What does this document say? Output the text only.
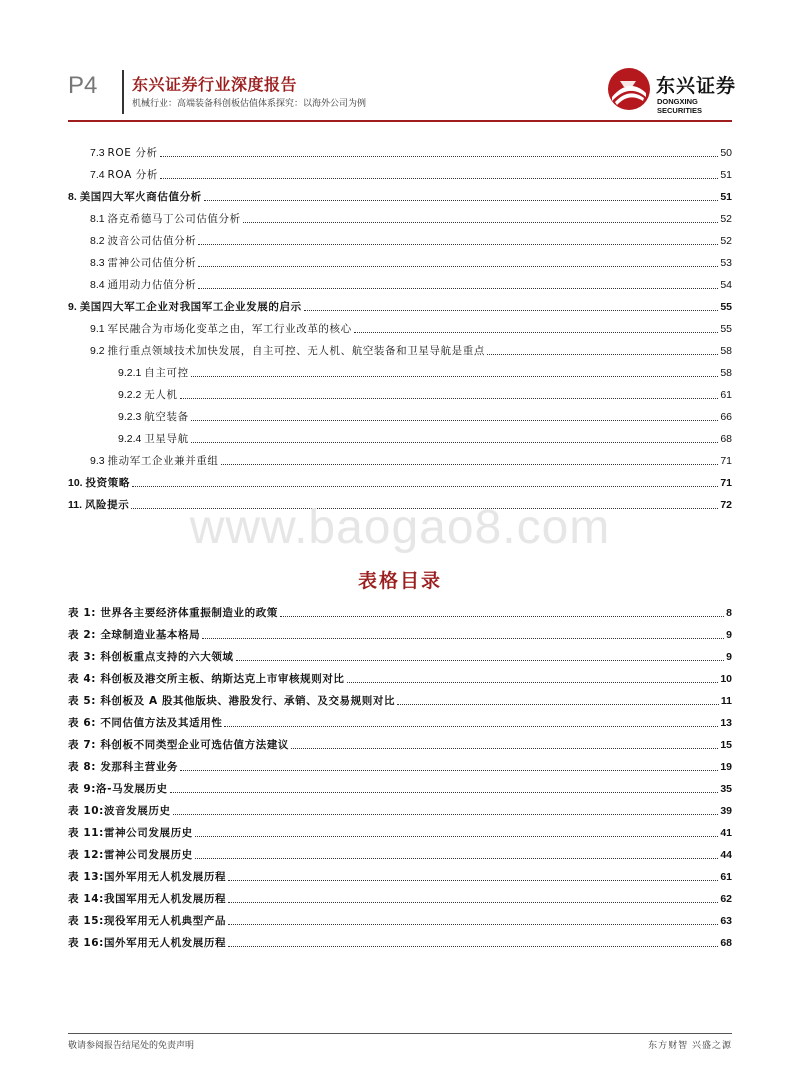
P4 东兴证券行业深度报告
机械行业：高端装备科创板估值体系探究：以海外公司为例
东兴证券
DONGXING SECURITIES
7.3 ROE 分析	50
7.4 ROA 分析	51
8. 美国四大军火商估值分析	51
8.1 洛克希德马丁公司估值分析	52
8.2 波音公司估值分析	52
8.3 雷神公司估值分析	53
8.4 通用动力估值分析	54
9. 美国四大军工企业对我国军工企业发展的启示	55
9.1 军民融合为市场化变革之由，军工行业改革的核心	55
9.2 推行重点领域技术加快发展，自主可控、无人机、航空装备和卫星导航是重点	58
9.2.1 自主可控	58
9.2.2 无人机	61
9.2.3 航空装备	66
9.2.4 卫星导航	68
9.3 推动军工企业兼并重组	71
10. 投资策略	71
11. 风险提示	72
www.baogao8.com
表格目录
表 1: 世界各主要经济体重振制造业的政策	8
表 2: 全球制造业基本格局	9
表 3: 科创板重点支持的六大领域	9
表 4: 科创板及港交所主板、纳斯达克上市审核规则对比	10
表 5: 科创板及 A 股其他版块、港股发行、承销、及交易规则对比	11
表 6: 不同估值方法及其适用性	13
表 7: 科创板不同类型企业可选估值方法建议	15
表 8: 发那科主营业务	19
表 9:洛-马发展历史	35
表 10:波音发展历史	39
表 11:雷神公司发展历史	41
表 12:雷神公司发展历史	44
表 13:国外军用无人机发展历程	61
表 14:我国军用无人机发展历程	62
表 15:现役军用无人机典型产品	63
表 16:国外军用无人机发展历程	68
敬请参阅报告结尾处的免责声明	东方财智 兴盛之源
